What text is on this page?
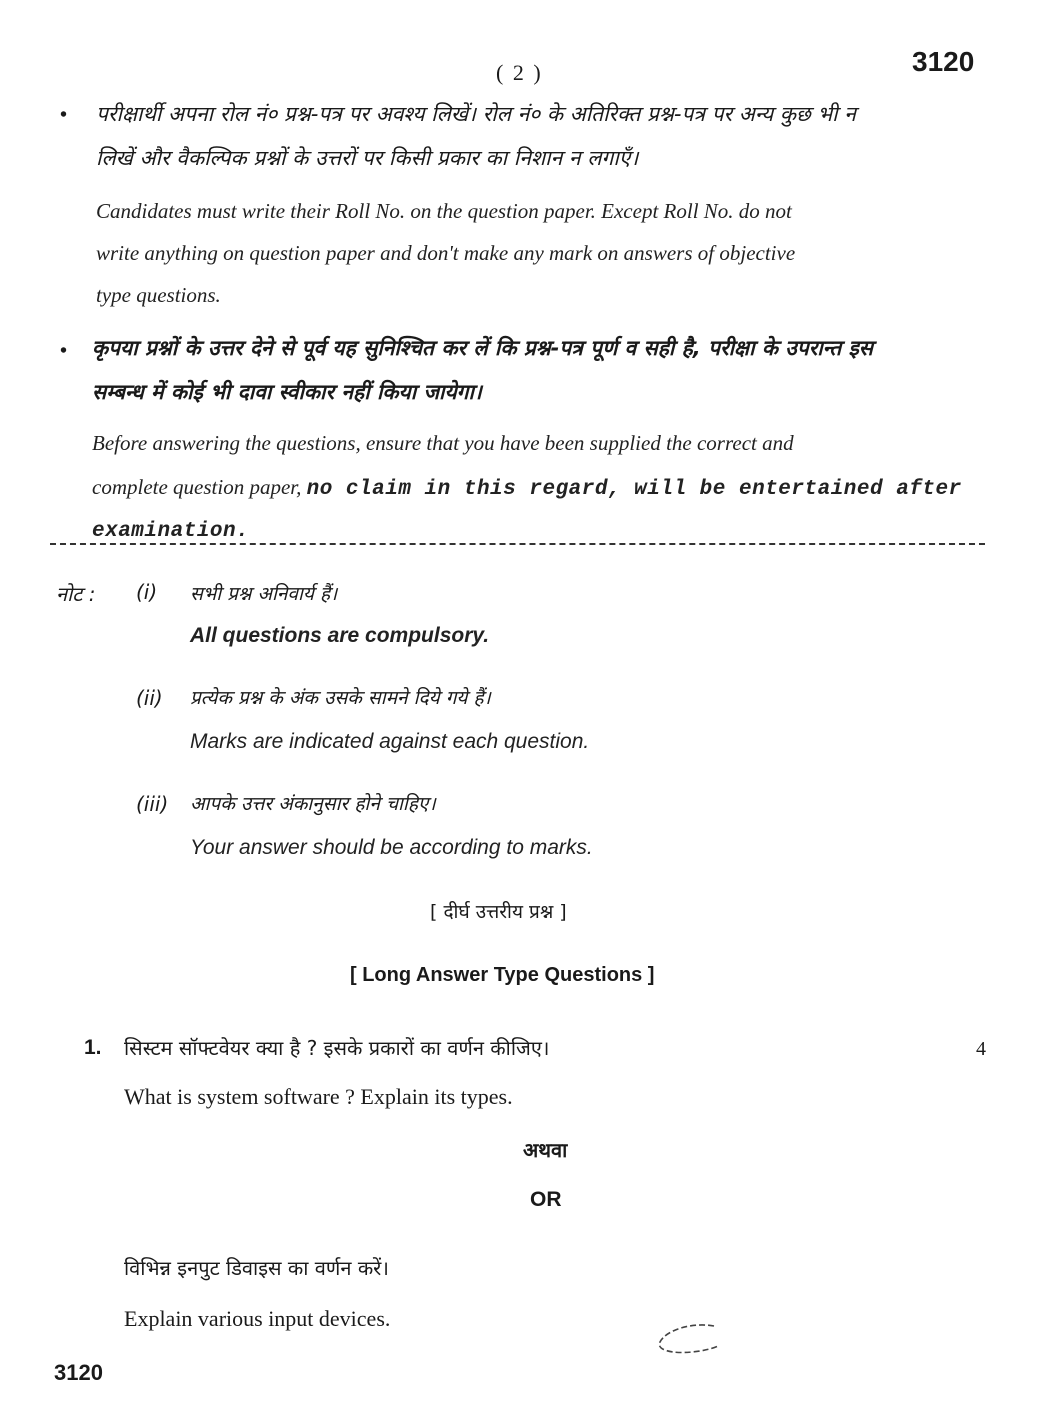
( 2 )	3120
• परीक्षार्थी अपना रोल नं० प्रश्न-पत्र पर अवश्य लिखें। रोल नं० के अतिरिक्त प्रश्न-पत्र पर अन्य कुछ भी न
लिखें और वैकल्पिक प्रश्नों के उत्तरों पर किसी प्रकार का निशान न लगाएँ।
Candidates must write their Roll No. on the question paper. Except Roll No. do not
write anything on question paper and don't make any mark on answers of objective
type questions.
• कृपया प्रश्नों के उत्तर देने से पूर्व यह सुनिश्चित कर लें कि प्रश्न-पत्र पूर्ण व सही है, परीक्षा के उपरान्त इस
सम्बन्ध में कोई भी दावा स्वीकार नहीं किया जायेगा।
Before answering the questions, ensure that you have been supplied the correct and
complete question paper, no claim in this regard, will be entertained after
examination.
नोट : (i) सभी प्रश्न अनिवार्य हैं।
All questions are compulsory.
(ii) प्रत्येक प्रश्न के अंक उसके सामने दिये गये हैं।
Marks are indicated against each question.
(iii) आपके उत्तर अंकानुसार होने चाहिए।
Your answer should be according to marks.
[ दीर्घ उत्तरीय प्रश्न ]
[ Long Answer Type Questions ]
1. सिस्टम सॉफ्टवेयर क्या है ? इसके प्रकारों का वर्णन कीजिए।	4
What is system software ? Explain its types.
अथवा
OR
विभिन्न इनपुट डिवाइस का वर्णन करें।
Explain various input devices.
3120
